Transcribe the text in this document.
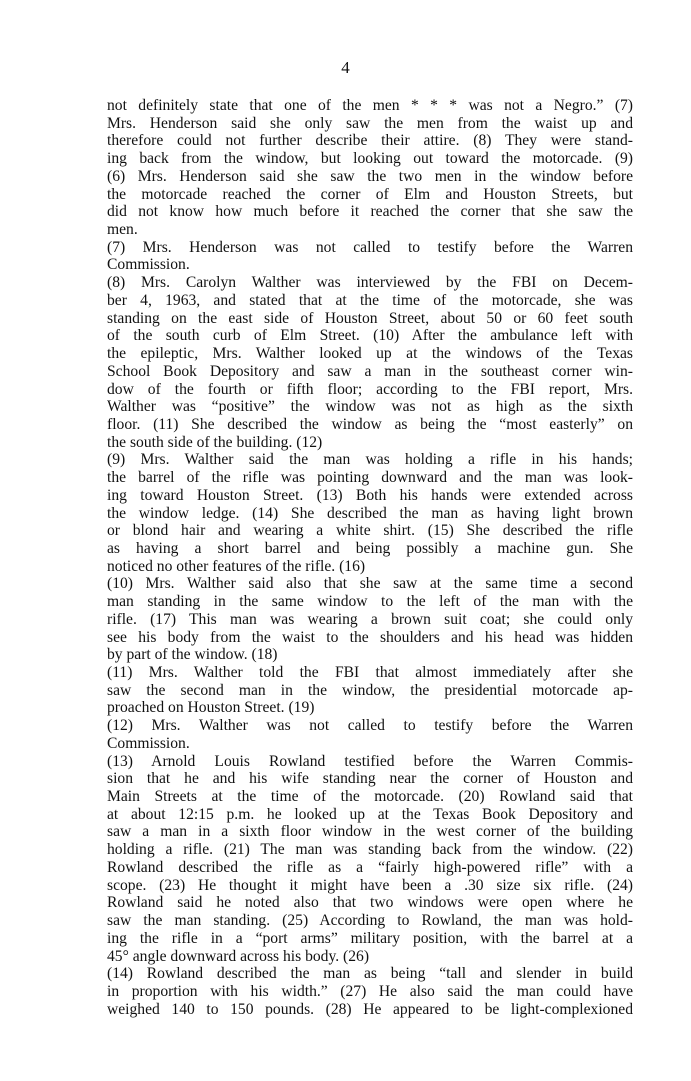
4
not definitely state that one of the men * * * was not a Negro.” (7)
Mrs. Henderson said she only saw the men from the waist up and
therefore could not further describe their attire. (8) They were stand-
ing back from the window, but looking out toward the motorcade. (9)
(6) Mrs. Henderson said she saw the two men in the window before
the motorcade reached the corner of Elm and Houston Streets, but
did not know how much before it reached the corner that she saw the
men.
(7) Mrs. Henderson was not called to testify before the Warren
Commission.
(8) Mrs. Carolyn Walther was interviewed by the FBI on Decem-
ber 4, 1963, and stated that at the time of the motorcade, she was
standing on the east side of Houston Street, about 50 or 60 feet south
of the south curb of Elm Street. (10) After the ambulance left with
the epileptic, Mrs. Walther looked up at the windows of the Texas
School Book Depository and saw a man in the southeast corner win-
dow of the fourth or fifth floor; according to the FBI report, Mrs.
Walther was “positive” the window was not as high as the sixth
floor. (11) She described the window as being the “most easterly” on
the south side of the building. (12)
(9) Mrs. Walther said the man was holding a rifle in his hands;
the barrel of the rifle was pointing downward and the man was look-
ing toward Houston Street. (13) Both his hands were extended across
the window ledge. (14) She described the man as having light brown
or blond hair and wearing a white shirt. (15) She described the rifle
as having a short barrel and being possibly a machine gun. She
noticed no other features of the rifle. (16)
(10) Mrs. Walther said also that she saw at the same time a second
man standing in the same window to the left of the man with the
rifle. (17) This man was wearing a brown suit coat; she could only
see his body from the waist to the shoulders and his head was hidden
by part of the window. (18)
(11) Mrs. Walther told the FBI that almost immediately after she
saw the second man in the window, the presidential motorcade ap-
proached on Houston Street. (19)
(12) Mrs. Walther was not called to testify before the Warren
Commission.
(13) Arnold Louis Rowland testified before the Warren Commis-
sion that he and his wife standing near the corner of Houston and
Main Streets at the time of the motorcade. (20) Rowland said that
at about 12:15 p.m. he looked up at the Texas Book Depository and
saw a man in a sixth floor window in the west corner of the building
holding a rifle. (21) The man was standing back from the window. (22)
Rowland described the rifle as a “fairly high-powered rifle” with a
scope. (23) He thought it might have been a .30 size six rifle. (24)
Rowland said he noted also that two windows were open where he
saw the man standing. (25) According to Rowland, the man was hold-
ing the rifle in a “port arms” military position, with the barrel at a
45° angle downward across his body. (26)
(14) Rowland described the man as being “tall and slender in build
in proportion with his width.” (27) He also said the man could have
weighed 140 to 150 pounds. (28) He appeared to be light-complexioned
